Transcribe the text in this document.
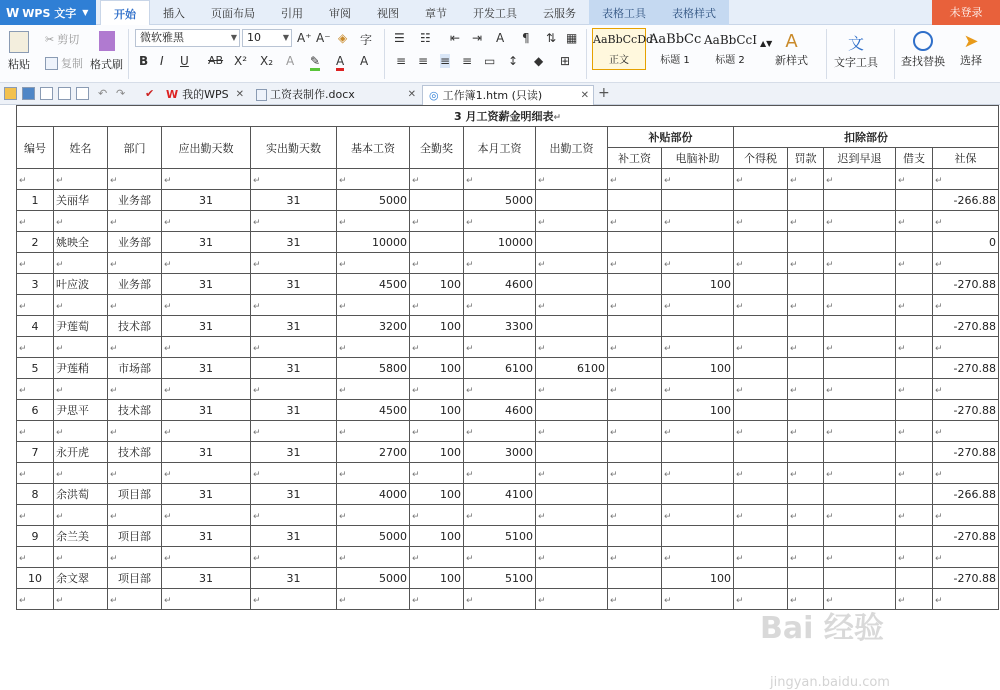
W WPS 文字 ▼	开始	插入	页面布局	引用	审阅	视图	章节	开发工具	云服务	表格工具	表格样式	未登录
粘贴
✂ 剪切
复制 格式刷
微软雅黑	▼ 10	▼ A⁺ A⁻ ◈ 字
B I U AB X² X₂ A ✎ A A
☰ ☷ ⇤ ⇥ A ¶ ⇅ ▦
≡ ≡ ≡ ≡ ▭ ↕ ◆ ⊞
AaBbCcDd
正文
AaBbCc
标题 1
AaBbCcI
标题 2
▲▼ A
新样式
文
文字工具 查找替换
➤
选择
↶ ↷ ✔ W 我的WPS ✕ 工资表制作.docx	✕ ◎ 工作簿1.htm (只读)	✕ +
3 月工资薪金明细表↵															
编号	姓名	部门	应出勤天数	实出勤天数	基本工资	全勤奖	本月工资	出勤工资	补贴部份		扣除部份				
									补工资	电脑补助	个得税	罚款	迟到早退	借支	社保
↵	↵	↵	↵	↵	↵	↵	↵	↵	↵	↵	↵	↵	↵	↵	↵
1	关丽华	业务部	31	31	5000		5000								-266.88
↵	↵	↵	↵	↵	↵	↵	↵	↵	↵	↵	↵	↵	↵	↵	↵
2	姚映全	业务部	31	31	10000		10000								0
↵	↵	↵	↵	↵	↵	↵	↵	↵	↵	↵	↵	↵	↵	↵	↵
3	叶应波	业务部	31	31	4500	100	4600			100					-270.88
↵	↵	↵	↵	↵	↵	↵	↵	↵	↵	↵	↵	↵	↵	↵	↵
4	尹莲萄	技术部	31	31	3200	100	3300								-270.88
↵	↵	↵	↵	↵	↵	↵	↵	↵	↵	↵	↵	↵	↵	↵	↵
5	尹莲稍	市场部	31	31	5800	100	6100	6100		100					-270.88
↵	↵	↵	↵	↵	↵	↵	↵	↵	↵	↵	↵	↵	↵	↵	↵
6	尹思平	技术部	31	31	4500	100	4600			100					-270.88
↵	↵	↵	↵	↵	↵	↵	↵	↵	↵	↵	↵	↵	↵	↵	↵
7	永开虎	技术部	31	31	2700	100	3000								-270.88
↵	↵	↵	↵	↵	↵	↵	↵	↵	↵	↵	↵	↵	↵	↵	↵
8	余洪萄	项目部	31	31	4000	100	4100								-266.88
↵	↵	↵	↵	↵	↵	↵	↵	↵	↵	↵	↵	↵	↵	↵	↵
9	余兰美	项目部	31	31	5000	100	5100								-270.88
↵	↵	↵	↵	↵	↵	↵	↵	↵	↵	↵	↵	↵	↵	↵	↵
10	余文翠	项目部	31	31	5000	100	5100			100					-270.88
↵	↵	↵	↵	↵	↵	↵	↵	↵	↵	↵	↵	↵	↵	↵	↵
Bai 经验
jingyan.baidu.com
